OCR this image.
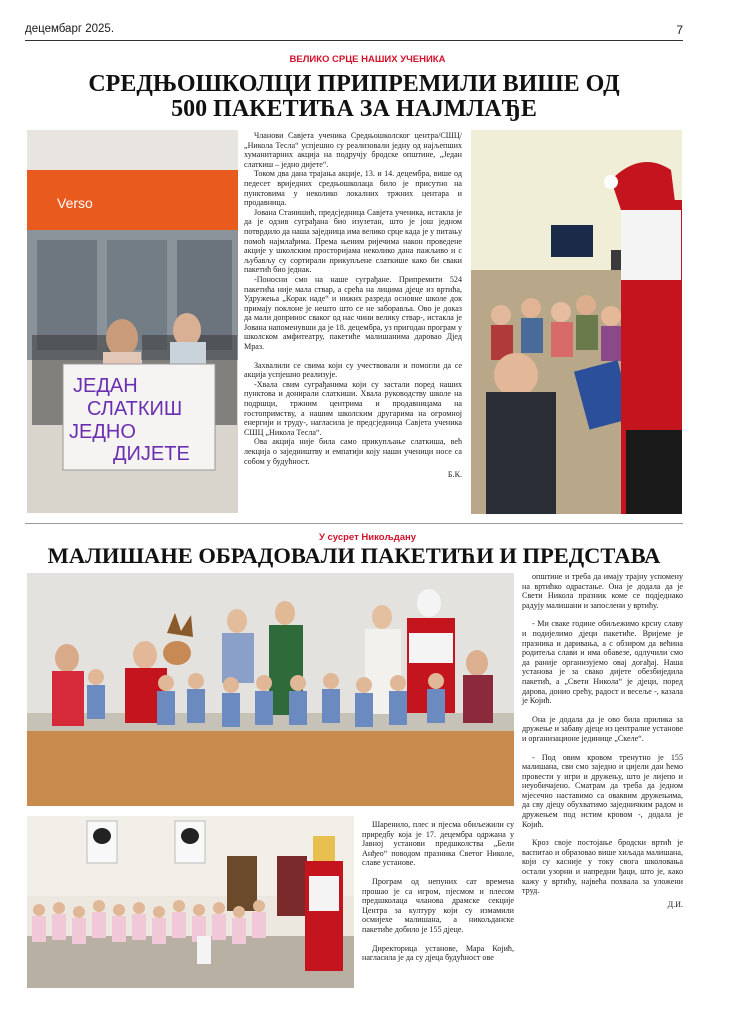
децембарг 2025.	7
ВЕЛИКО СРЦЕ НАШИХ УЧЕНИКА
СРЕДЊОШКОЛЦИ ПРИПРЕМИЛИ ВИШЕ ОД
500 ПАКЕТИЋА ЗА НАЈМЛАЂЕ
Verso
ЈЕДАН
СЛАТКИШ
ЈЕДНО
ДИЈЕТЕ

Чланови Савјета ученика Средњошколског центра/СШЦ/ „Никола Тесла“ успјешно су реализовали једну од најљепших хуманитарних акција на подручју бродске општине, „Један слаткиш – једно дијете“.

Током два дана трајања акције, 13. и 14. децембра, више од педесет вриједних средњошколаца било је присутно на пунктовима у неколико локалних тржних центара и продавница.

Јована Станишић, предсједница Савјета ученика, истакла је да је одзив суграђана био изузетан, што је још једном потврдило да наша заједница има велико срце када је у питању помоћ најмлађима. Према њеним ријечима након проведене акције у школским просторијама неколико дана пажљиво и с љубављу су сортирали прикупљене слаткише како би сваки пакетић био једнак.

-Поносни смо на наше суграђане. Припремити 524 пакетића није мала ствар, а срећа на лицима дјеце из вртића, Удружења „Корак наде“ и нижих разреда основне школе док примају поклоне је нешто што се не заборавља. Ово је доказ да мали допринос сваког од нас чини велику ствар-, истакла је Јована напоменувши да је 18. децембра, уз пригодан програм у школском амфитеатру, пакетиће малишанима даровао Дјед Мраз.

Захвалили се свима који су учествовали и помогли да се акција успјешно реализује.

-Хвала свим суграђанима који су застали поред наших пунктова и донирали слаткиши. Хвала руководству школе на подршци, тржним центрима и продавницама на гостопримству, а нашим школским другарима на огромној енергији и труду-, нагласила је предсједница Савјета ученика СШЦ „Никола Тесла“.

Ова акција није била само прикупљање слаткиша, већ лекција о заједништву и емпатији коју наши ученици носе са собом у будућност.

Б.К.

У сусрет Никољдану
МАЛИШАНЕ ОБРАДОВАЛИ ПАКЕТИЋИ И ПРЕДСТАВА

Шаренило, плес и пјесма обиљежили су приредбу која је 17. децембра одржана у Јавној установи предшколства „Бели Анђео“ поводом празника Светог Николе, славе установе.

Програм од непуних сат времена прошао је са игром, пјесмом и плесом предшколаца чланова драмске секције Центра за културу који су измамили осмијехе малишана, а никољданске пакетиће добило је 155 дјеце.

Директорица установе, Мара Којић, нагласила је да су дјеца будућност ове

општине и треба да имају трајну успомену на вртићко одрастање. Она је додала да је Свети Никола празник коме се подједнако радују малишани и запослени у вртићу.

- Ми сваке године обиљежимо крсну славу и подијелимо дјеци пакетиће. Вријеме је празника и даривања, а с обзиром да већина родитеља слави и има обавезе, одлучили смо да раније организујемо овај догађај. Наша установа је за свако дијете обезбиједила пакетић, а „Свети Никола“ је дјеци, поред дарова, донио срећу, радост и весеље -, казала је Којић.

Она је додала да је ово била прилика за дружење и забаву дјеце из централне установе и организационе јединице „Скеле“.

- Под овим кровом тренутно је 155 малишана, сви смо заједно и цијели дан ћемо провести у игри и дружењу, што је лијепо и неуобичајено. Сматрам да треба да једном мјесечно наставимо са оваквим дружењима, да сву дјецу обухватимо заједничким радом и дружењем под истим кровом -, додала је Којић.

Кроз своје постојање бродски вртић је васпитао и образовао више хиљада малишана, који су касније у току свога школовања остали узорни и напредни ђаци, што је, како кажу у вртићу, највећа похвала за уложени труд.

Д.И.
